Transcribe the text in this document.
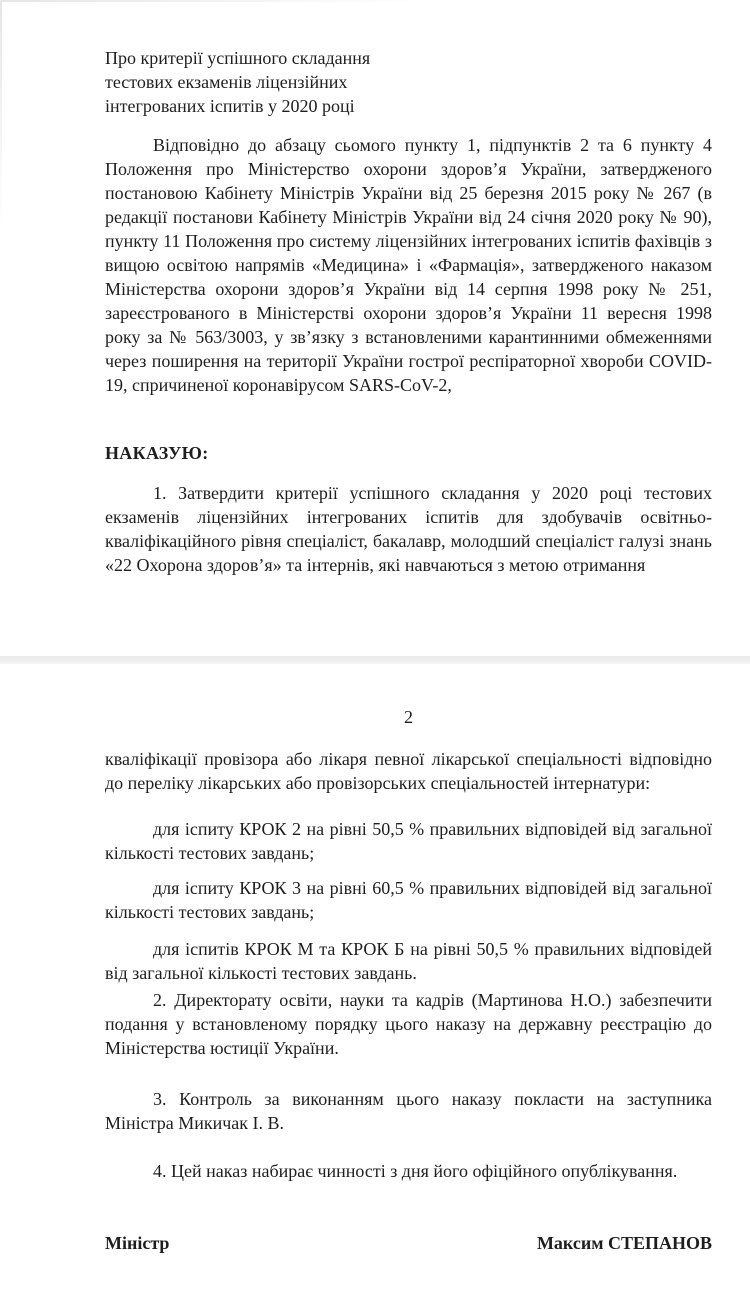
Про критерії успішного складання
тестових екзаменів ліцензійних
інтегрованих іспитів у 2020 році

Відповідно до абзацу сьомого пункту 1, підпунктів 2 та 6 пункту 4 Положення про Міністерство охорони здоров’я України, затвердженого постановою Кабінету Міністрів України від 25 березня 2015 року № 267 (в редакції постанови Кабінету Міністрів України від 24 січня 2020 року № 90), пункту 11 Положення про систему ліцензійних інтегрованих іспитів фахівців з вищою освітою напрямів «Медицина» і «Фармація», затвердженого наказом Міністерства охорони здоров’я України від 14 серпня 1998 року № 251, зареєстрованого в Міністерстві охорони здоров’я України 11 вересня 1998 року за № 563/3003, у зв’язку з встановленими карантинними обмеженнями через поширення на території України гострої респіраторної хвороби COVID-19, спричиненої коронавірусом SARS-CoV-2,

НАКАЗУЮ:

1. Затвердити критерії успішного складання у 2020 році тестових екзаменів ліцензійних інтегрованих іспитів для здобувачів освітньо-кваліфікаційного рівня спеціаліст, бакалавр, молодший спеціаліст галузі знань «22 Охорона здоров’я» та інтернів, які навчаються з метою отримання

2

кваліфікації провізора або лікаря певної лікарської спеціальності відповідно до переліку лікарських або провізорських спеціальностей інтернатури:

для іспиту КРОК 2 на рівні 50,5 % правильних відповідей від загальної кількості тестових завдань;

для іспиту КРОК 3 на рівні 60,5 % правильних відповідей від загальної кількості тестових завдань;

для іспитів КРОК М та КРОК Б на рівні 50,5 % правильних відповідей від загальної кількості тестових завдань.

2. Директорату освіти, науки та кадрів (Мартинова Н.О.) забезпечити подання у встановленому порядку цього наказу на державну реєстрацію до Міністерства юстиції України.

3. Контроль за виконанням цього наказу покласти на заступника Міністра Микичак І. В.

4. Цей наказ набирає чинності з дня його офіційного опублікування.

Міністр	Максим СТЕПАНОВ
